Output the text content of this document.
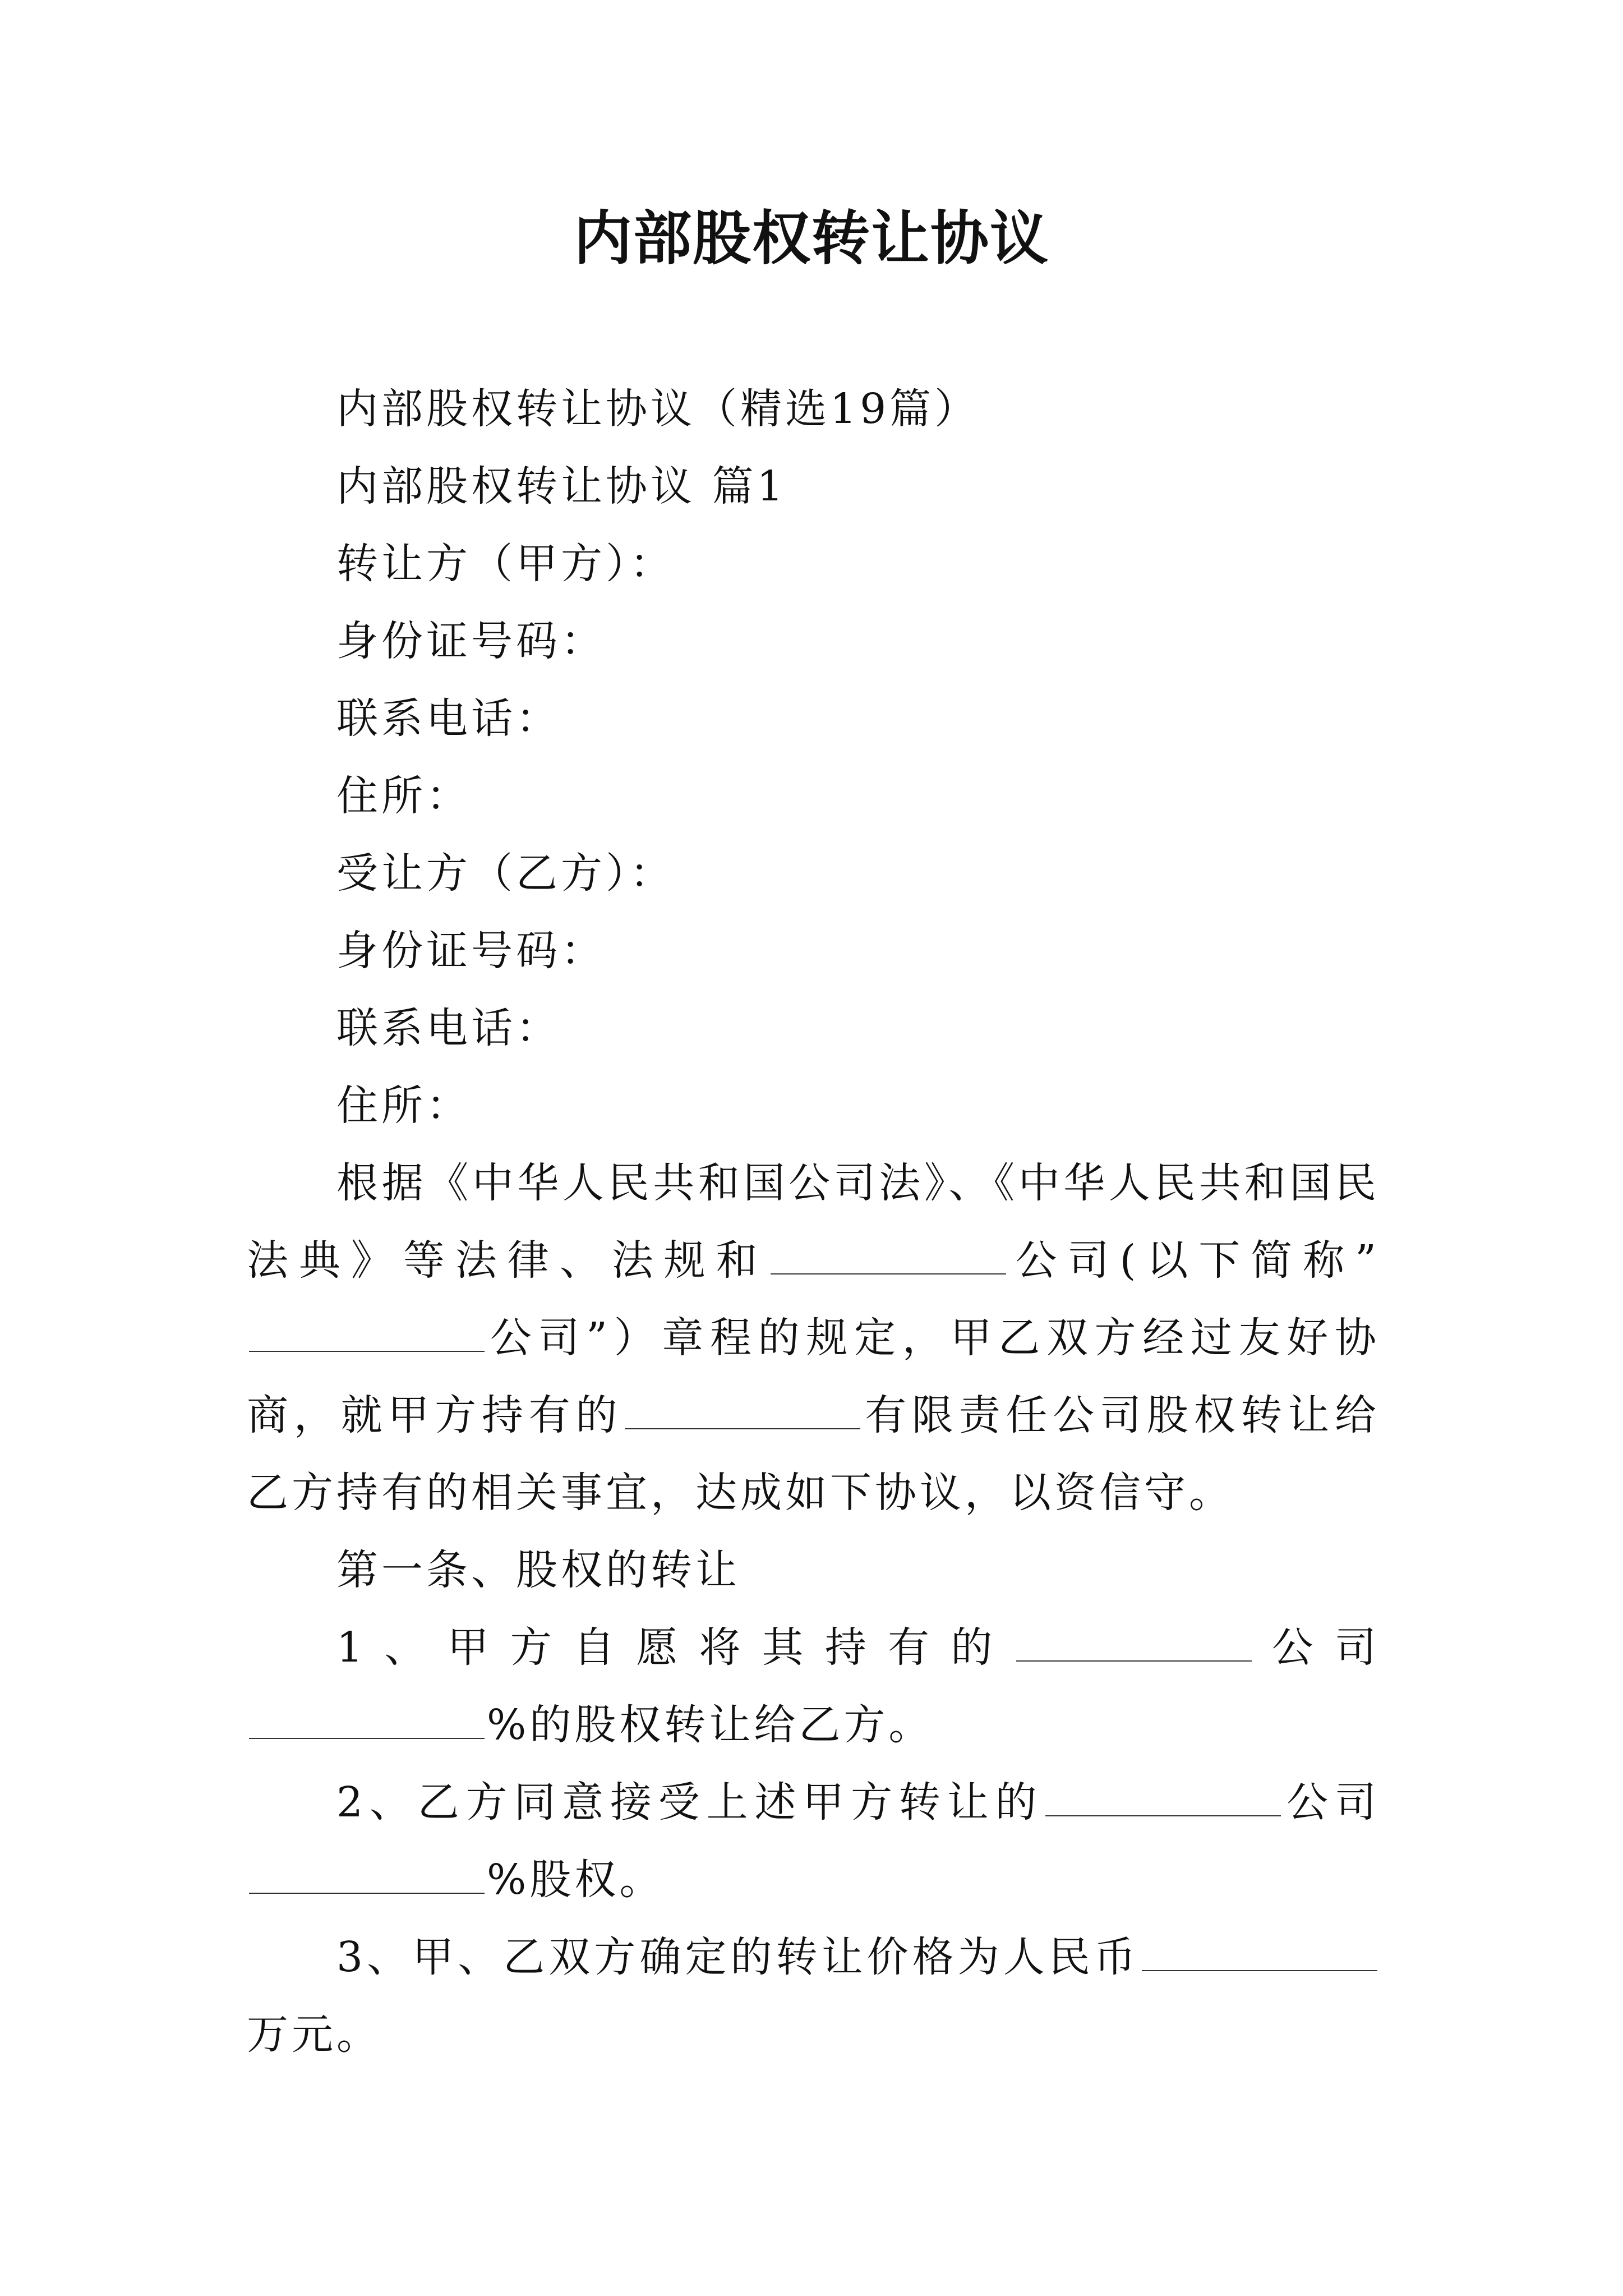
内部股权转让协议

内部股权转让协议（精选19篇）

内部股权转让协议 篇1

转让方（甲方）：

身份证号码：

联系电话：

住所：

受让方（乙方）：

身份证号码：

联系电话：

住所：

根据《中华人民共和国公司法》、《中华人民共和国民法典》等法律、法规和	公司(以下简称”公司”）章程的规定，甲乙双方经过友好协商，就甲方持有的	有限责任公司股权转让给乙方持有的相关事宜，达成如下协议，以资信守。

第一条、股权的转让

1、甲方自愿将其持有的	公司%的股权转让给乙方。

2、乙方同意接受上述甲方转让的	公司%股权。

3、甲、乙双方确定的转让价格为人民币万元。
